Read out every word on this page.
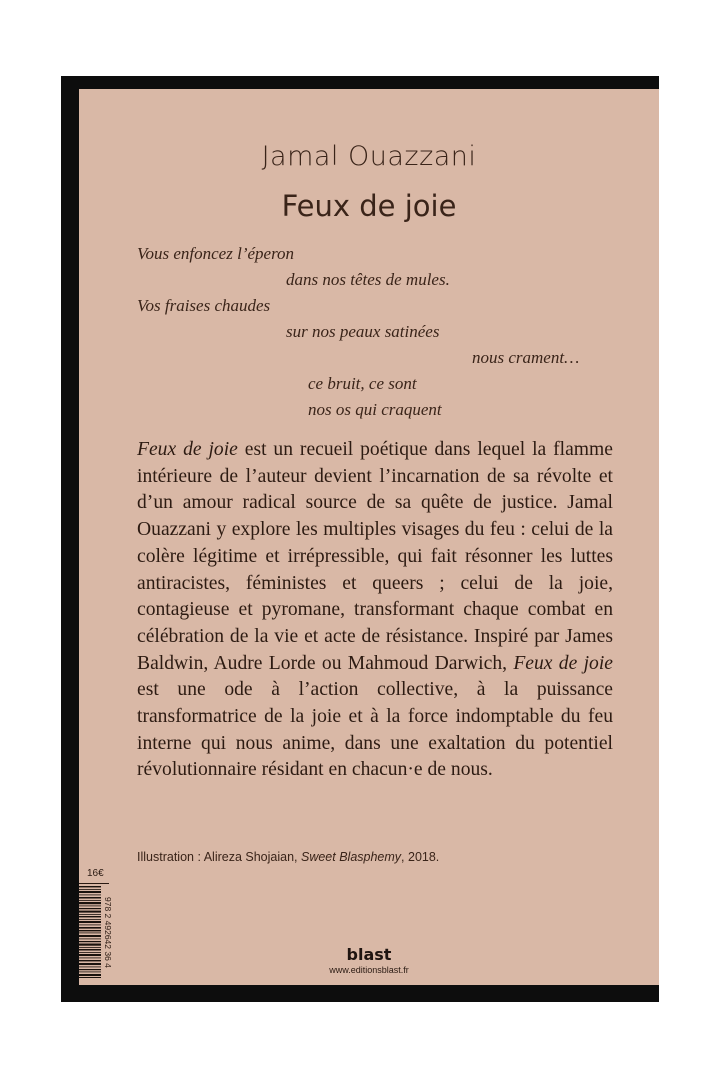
Jamal Ouazzani
Feux de joie
Vous enfoncez l’éperon
dans nos têtes de mules.
Vos fraises chaudes
sur nos peaux satinées
nous crament…
ce bruit, ce sont
nos os qui craquent
Feux de joie est un recueil poétique dans lequel la flamme intérieure de l’auteur devient l’incarnation de sa révolte et d’un amour radical source de sa quête de justice. Jamal Ouazzani y explore les multiples visages du feu : celui de la colère légitime et irrépressible, qui fait résonner les luttes antiracistes, féministes et queers ; celui de la joie, contagieuse et pyromane, transformant chaque combat en célébration de la vie et acte de résistance. Inspiré par James Baldwin, Audre Lorde ou Mahmoud Darwich, Feux de joie est une ode à l’action collective, à la puissance transformatrice de la joie et à la force indomptable du feu interne qui nous anime, dans une exaltation du potentiel révolutionnaire résidant en chacun·e de nous.
Illustration : Alireza Shojaian, Sweet Blasphemy, 2018.
16€
978 2 492642 36 4	blast
www.editionsblast.fr
